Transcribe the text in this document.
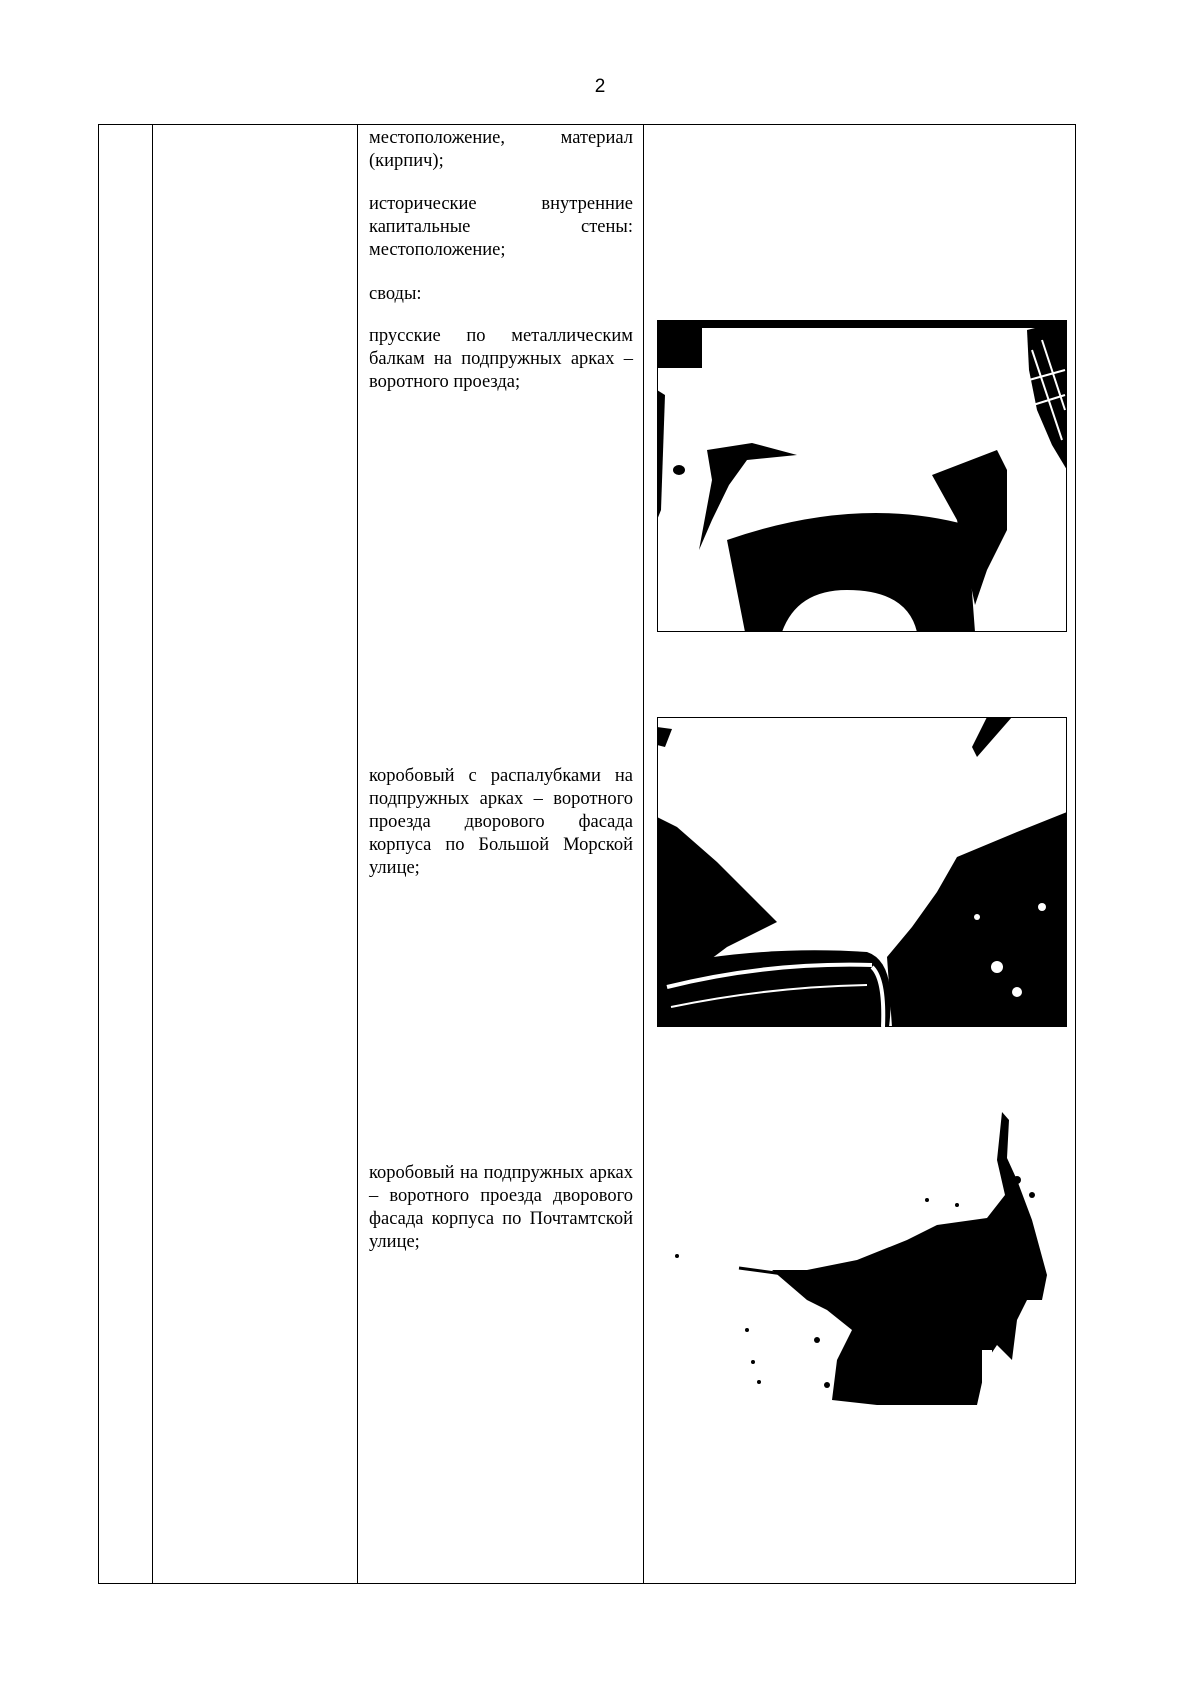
2

местоположение, материал (кирпич);

исторические внутренние капитальные стены: местоположение;

своды:

прусские по металлическим балкам на подпружных арках – воротного проезда;

коробовый с распалубками на подпружных арках – воротного проезда дворового фасада корпуса по Большой Морской улице;

коробовый на подпружных арках – воротного проезда дворового фасада корпуса по Почтамтской улице;
